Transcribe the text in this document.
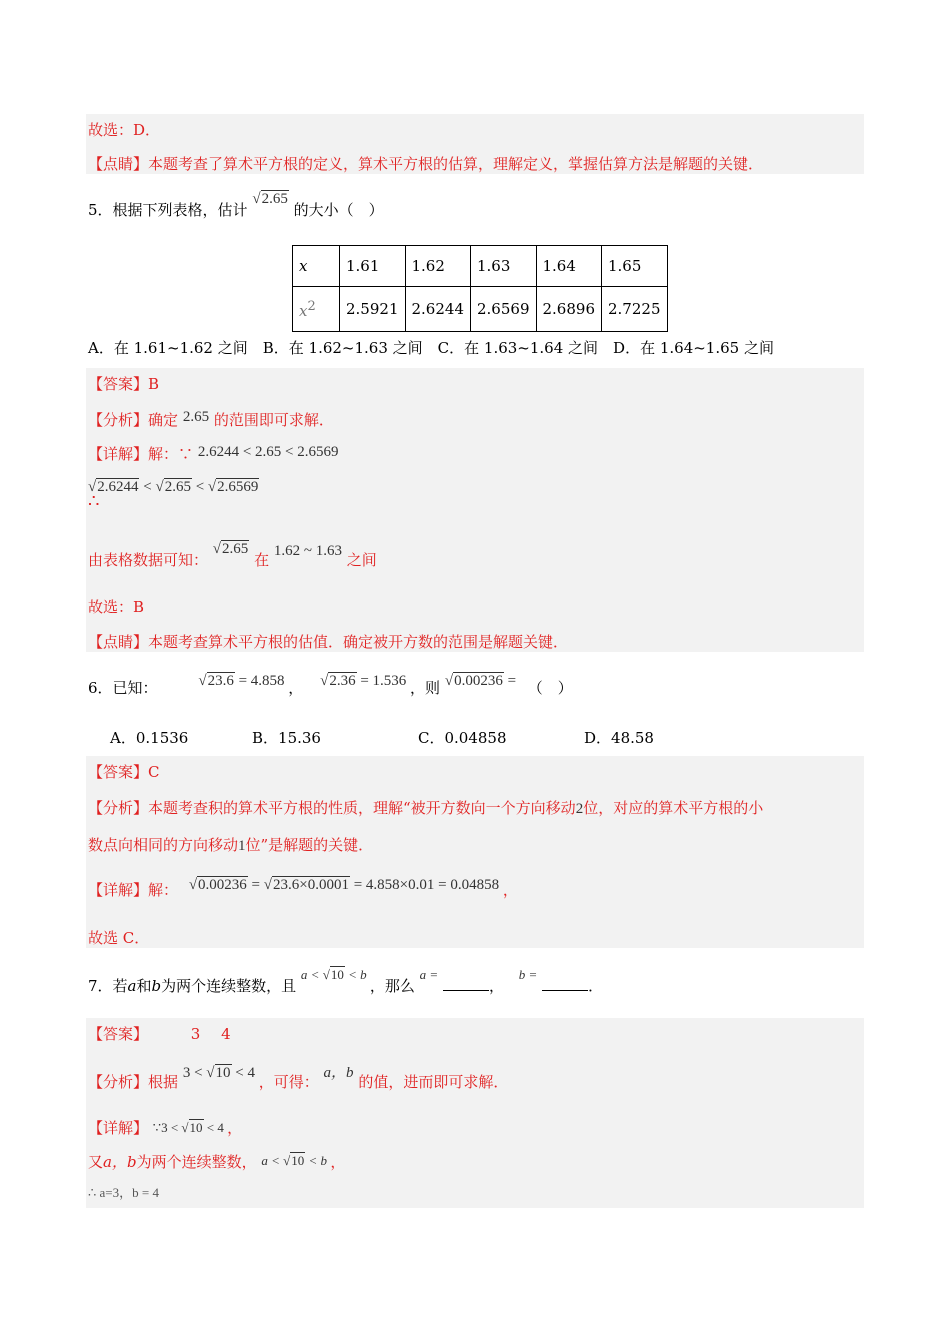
故选：D．
【点睛】本题考查了算术平方根的定义，算术平方根的估算，理解定义，掌握估算方法是解题的关键．
5．根据下列表格，估计 √2.65 的大小（　）
x	1.61	1.62	1.63	1.64	1.65
$x^2$	2.5921	2.6244	2.6569	2.6896	2.7225
A．在 1.61~1.62 之间　B．在 1.62~1.63 之间　C．在 1.63~1.64 之间　D．在 1.64~1.65 之间
【答案】B
【分析】确定 2.65 的范围即可求解．
【详解】解：∵ 2.6244 < 2.65 < 2.6569
√2.6244 < √2.65 < √2.6569
∴
由表格数据可知： √2.65 在 1.62 ~ 1.63 之间
故选：B
【点睛】本题考查算术平方根的估值．确定被开方数的范围是解题关键．
6．已知：	√23.6 = 4.858 ， √2.36 = 1.536 ，则 √0.00236 = （　）
A．0.1536	B．15.36	C．0.04858	D．48.58
【答案】C
【分析】本题考查积的算术平方根的性质，理解“被开方数向一个方向移动2位，对应的算术平方根的小
数点向相同的方向移动1位”是解题的关键．
【详解】解： √0.00236 = √23.6×0.0001 = 4.858×0.01 = 0.04858 ，
故选 C．
7．若a和b为两个连续整数，且 a < √10 < b ，那么 a = ， b = ．
【答案】	3 4
【分析】根据 3 < √10 < 4 ，可得： a，b 的值，进而即可求解．
【详解】 ∵3 < √10 < 4 ，
又a，b为两个连续整数， a < √10 < b ，
∴ a=3，b = 4
